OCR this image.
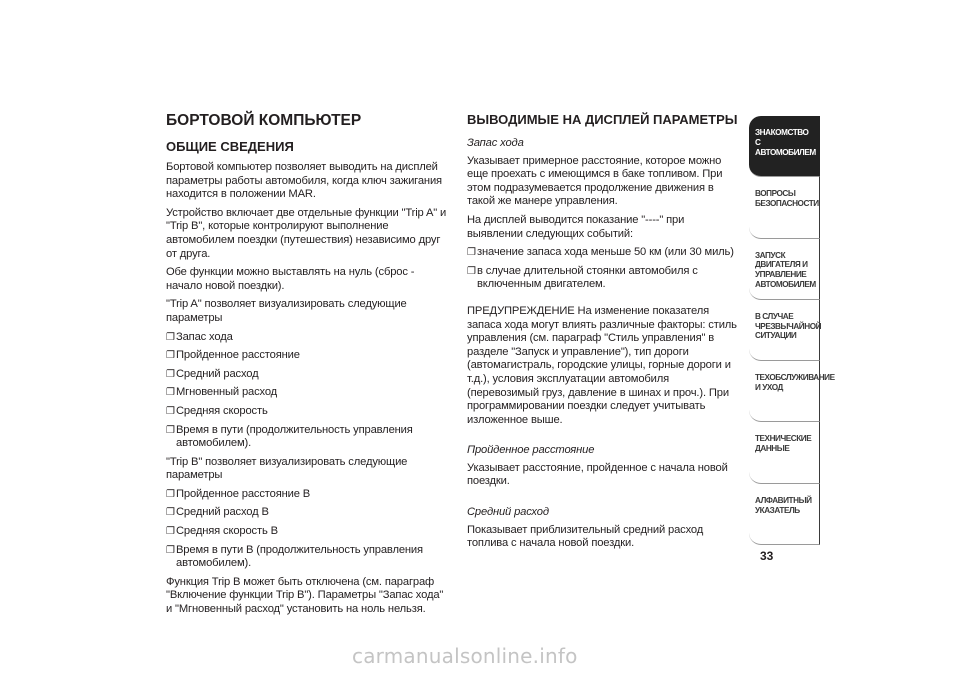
БОРТОВОЙ КОМПЬЮТЕР
ОБЩИЕ СВЕДЕНИЯ

Бортовой компьютер позволяет выводить на дисплей параметры работы автомобиля, когда ключ зажигания находится в положении MAR.

Устройство включает две отдельные функции "Trip A" и "Trip B", которые контролируют выполнение автомобилем поездки (путешествия) независимо друг от друга.

Обе функции можно выставлять на нуль (сброс - начало новой поездки).

"Trip A" позволяет визуализировать следующие параметры

❐ Запас хода
❐ Пройденное расстояние
❐ Средний расход
❐ Мгновенный расход
❐ Средняя скорость
❐ Время в пути (продолжительность управления автомобилем).

"Trip B" позволяет визуализировать следующие параметры

❐ Пройденное расстояние B
❐ Средний расход B
❐ Средняя скорость B
❐ Время в пути B (продолжительность управления автомобилем).

Функция Trip B может быть отключена (см. параграф "Включение функции Trip B"). Параметры "Запас хода" и "Мгновенный расход" установить на ноль нельзя.

ВЫВОДИМЫЕ НА ДИСПЛЕЙ ПАРАМЕТРЫ

Запас хода

Указывает примерное расстояние, которое можно еще проехать с имеющимся в баке топливом. При этом подразумевается продолжение движения в такой же манере управления.

На дисплей выводится показание "----" при выявлении следующих событий:

❐ значение запаса хода меньше 50 км (или 30 миль)
❐ в случае длительной стоянки автомобиля с включенным двигателем.

ПРЕДУПРЕЖДЕНИЕ На изменение показателя запаса хода могут влиять различные факторы: стиль управления (см. параграф "Стиль управления" в разделе "Запуск и управление"), тип дороги (автомагистраль, городские улицы, горные дороги и т.д.), условия эксплуатации автомобиля (перевозимый груз, давление в шинах и проч.). При программировании поездки следует учитывать изложенное выше.

Пройденное расстояние

Указывает расстояние, пройденное с начала новой поездки.

Средний расход

Показывает приблизительный средний расход топлива с начала новой поездки.

ЗНАКОМСТВО С
АВТОМОБИЛЕМ
ВОПРОСЫ
БЕЗОПАСНОСТИ
ЗАПУСК ДВИГАТЕЛЯ И
УПРАВЛЕНИЕ
АВТОМОБИЛЕМ
В СЛУЧАЕ
ЧРЕЗВЫЧАЙНОЙ
СИТУАЦИИ
ТЕХОБСЛУЖИВАНИЕ
И УХОД
ТЕХНИЧЕСКИЕ
ДАННЫЕ
АЛФАВИТНЫЙ
УКАЗАТЕЛЬ
33
carmanualsonline.info
